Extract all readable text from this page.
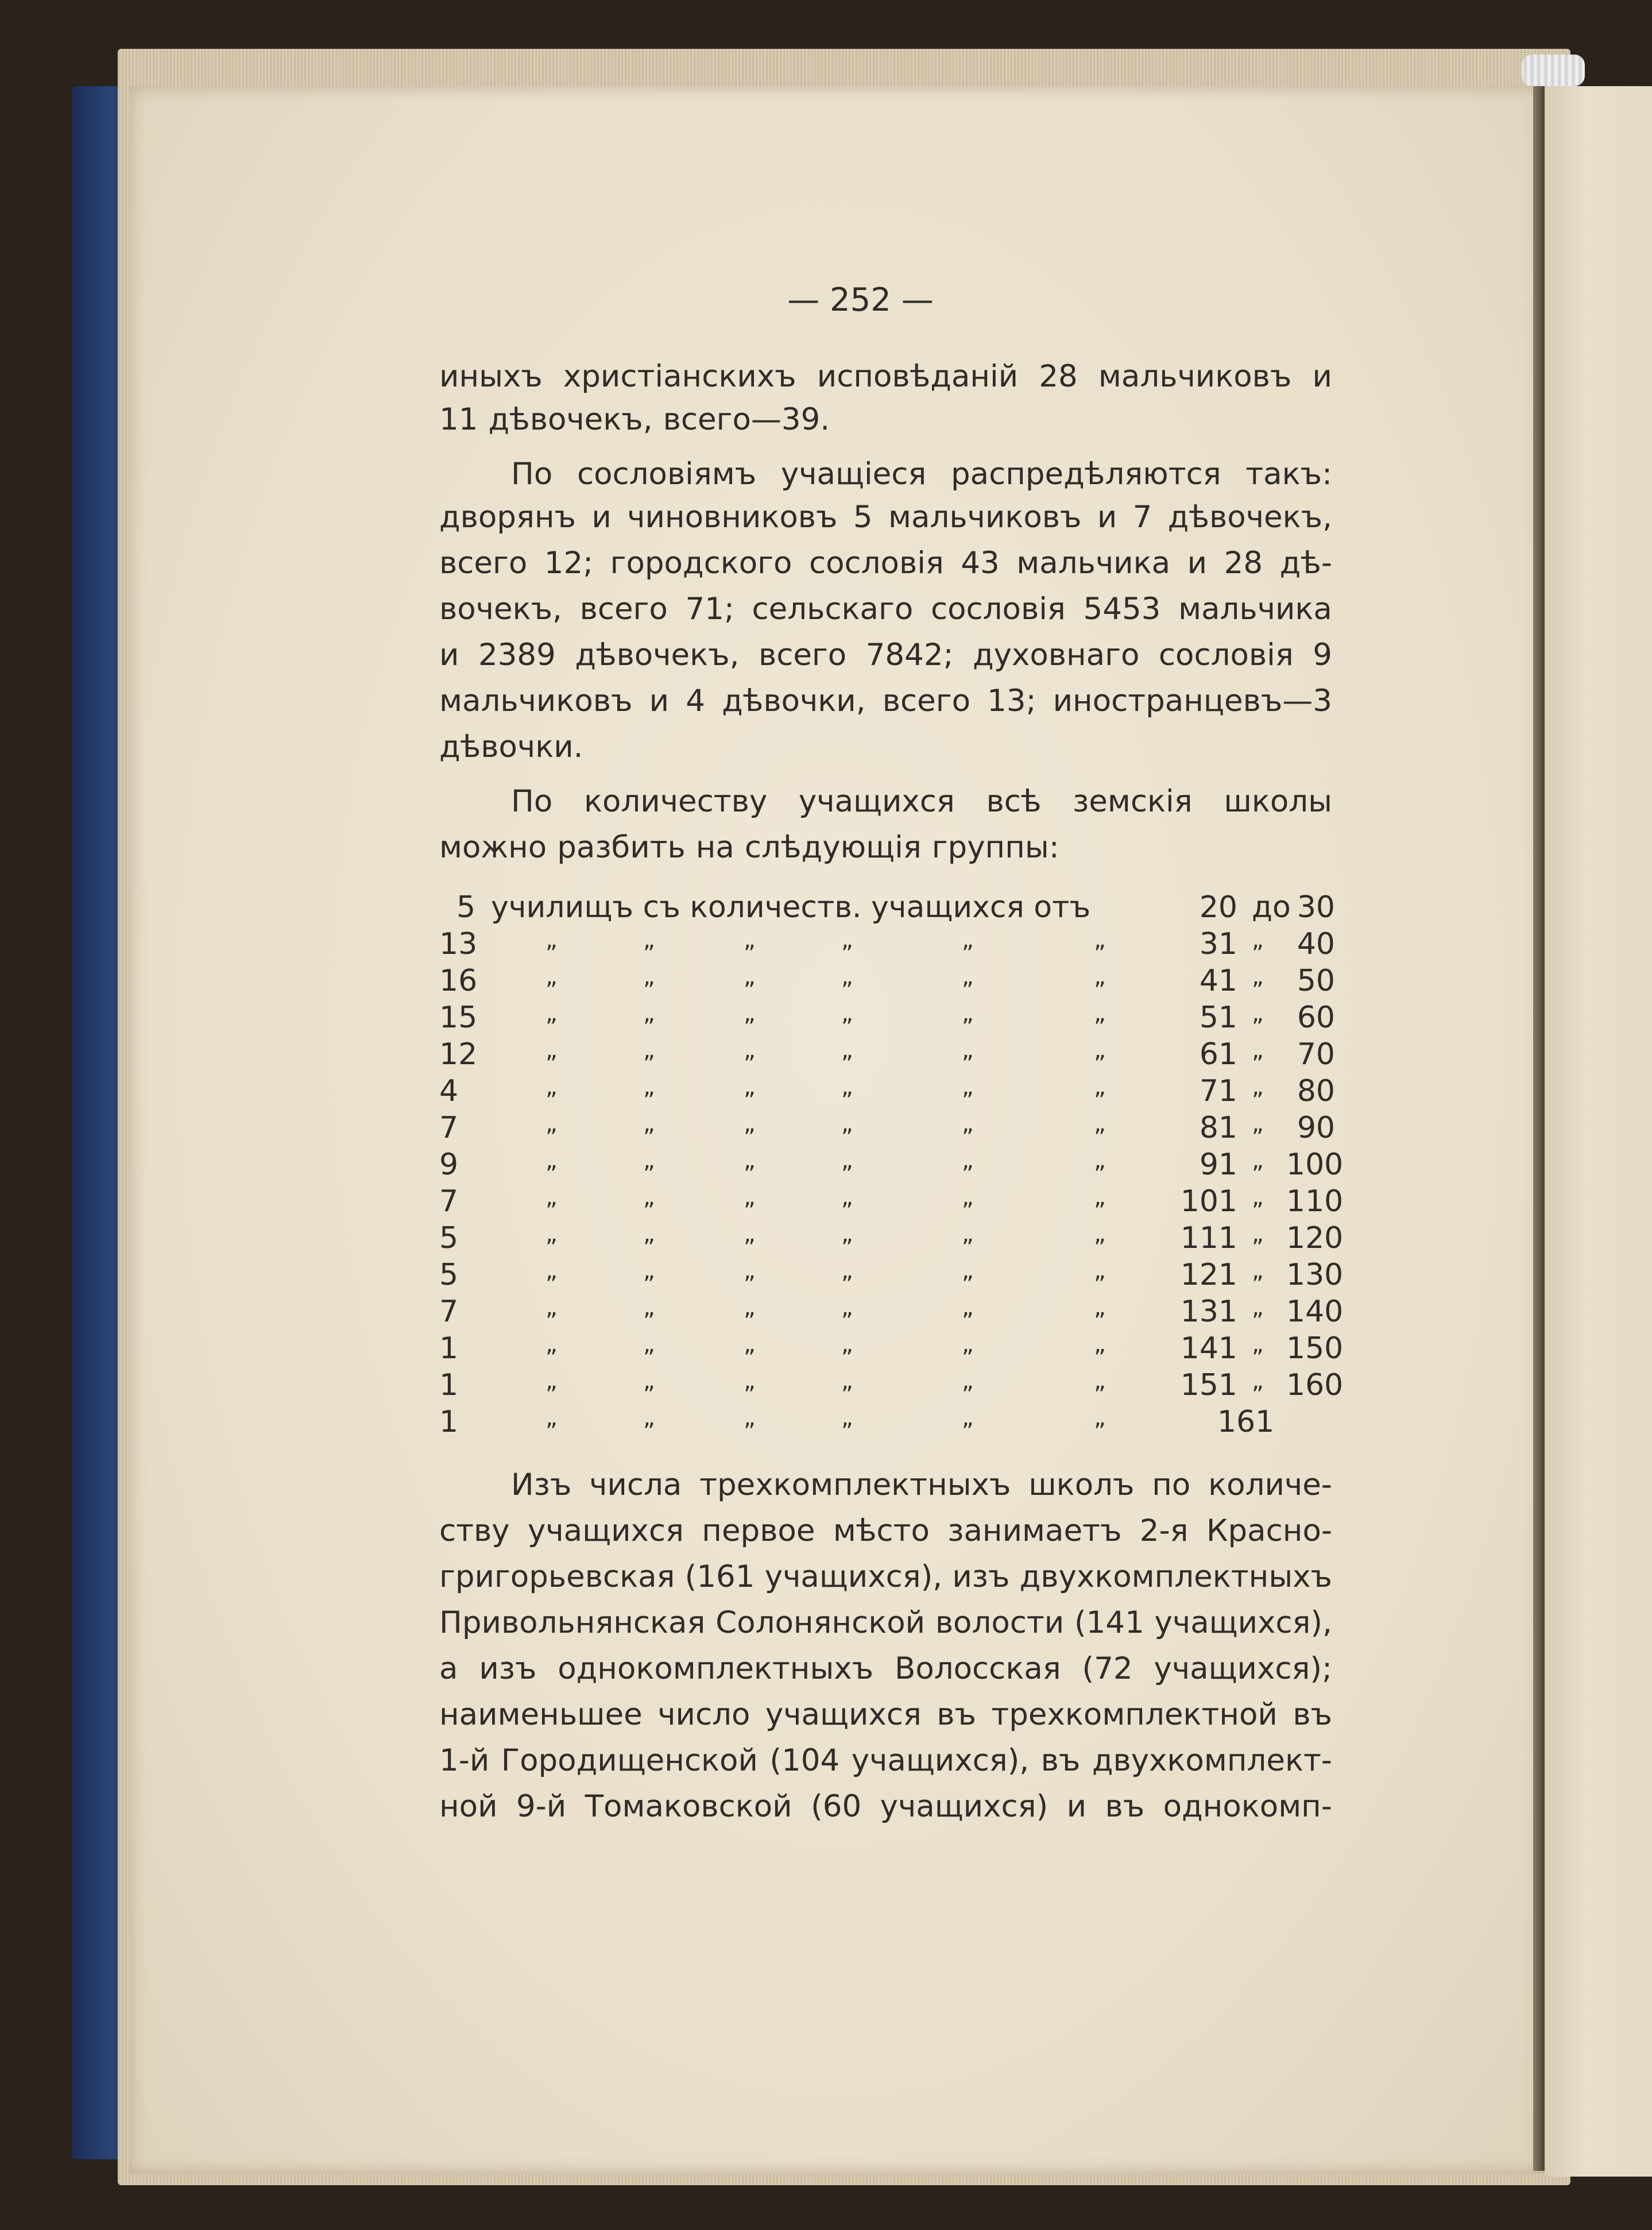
— 252 —
иныхъ христіанскихъ исповѣданій 28 мальчиковъ и
11 дѣвочекъ, всего—39.
По сословіямъ учащіеся распредѣляются такъ:
дворянъ и чиновниковъ 5 мальчиковъ и 7 дѣвочекъ,
всего 12; городского сословія 43 мальчика и 28 дѣ-
вочекъ, всего 71; сельскаго сословія 5453 мальчика
и 2389 дѣвочекъ, всего 7842; духовнаго сословія 9
мальчиковъ и 4 дѣвочки, всего 13; иностранцевъ—3
дѣвочки.
По количеству учащихся всѣ земскія школы
можно разбить на слѣдующія группы:
5 училищъ съ количеств. учащихся отъ	20 до 30
13	„	„	„	„	„	„	31 „	40
16	„	„	„	„	„	„	41 „	50
15	„	„	„	„	„	„	51 „	60
12	„	„	„	„	„	„	61 „	70
4	„	„	„	„	„	„	71 „	80
7	„	„	„	„	„	„	81 „	90
9	„	„	„	„	„	„	91 „ 100
7	„	„	„	„	„	„	101 „ 110
5	„	„	„	„	„	„	111 „ 120
5	„	„	„	„	„	„	121 „ 130
7	„	„	„	„	„	„	131 „ 140
1	„	„	„	„	„	„	141 „ 150
1	„	„	„	„	„	„	151 „ 160
1	„	„	„	„	„	„	161
Изъ числа трехкомплектныхъ школъ по количе-
ству учащихся первое мѣсто занимаетъ 2-я Красно-
григорьевская (161 учащихся), изъ двухкомплектныхъ
Привольнянская Солонянской волости (141 учащихся),
а изъ однокомплектныхъ Волосская (72 учащихся);
наименьшее число учащихся въ трехкомплектной въ
1-й Городищенской (104 учащихся), въ двухкомплект-
ной 9-й Томаковской (60 учащихся) и въ однокомп-
